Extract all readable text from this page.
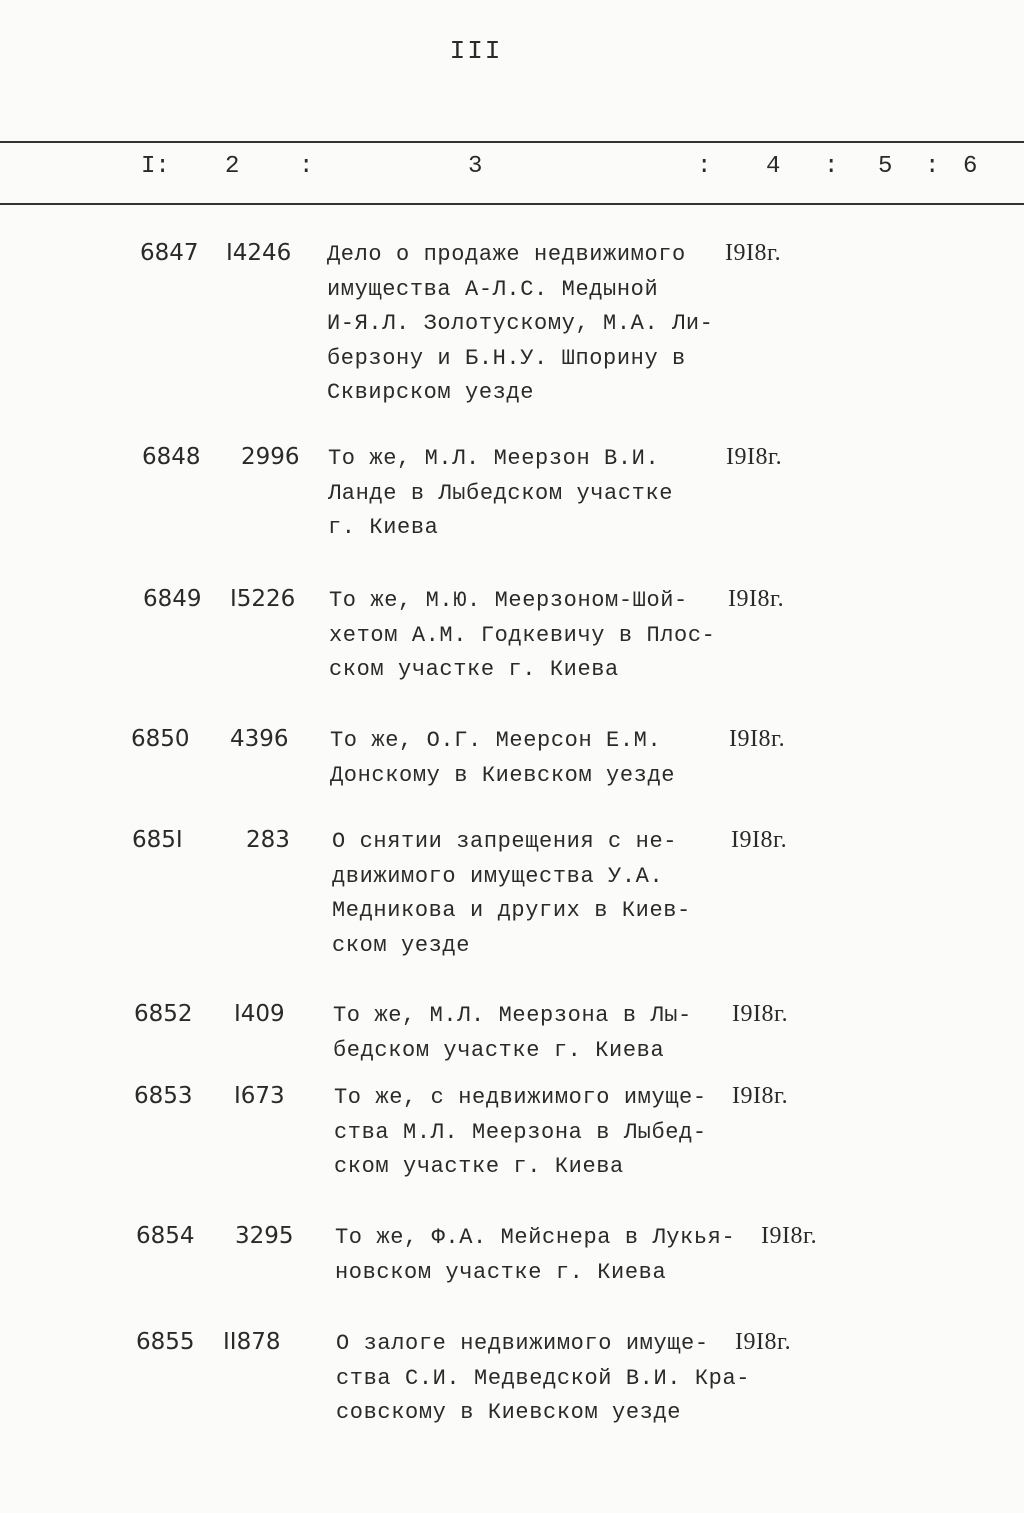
III
I: 2 :	3	: 4 : 5 : 6
6847 I4246 Дело о продаже недвижимого
имущества А-Л.С. Медыной
И-Я.Л. Золотускому, М.А. Ли-
берзону и Б.Н.У. Шпорину в
Сквирском уезде
I9I8г.
6848 2996 То же, М.Л. Меерзон В.И.
Ланде в Лыбедском участке
г. Киева
I9I8г.
6849 I5226 То же, М.Ю. Меерзоном-Шой-
хетом А.М. Годкевичу в Плос-
ском участке г. Киева
I9I8г.
6850 4396 То же, О.Г. Меерсон Е.М.
Донскому в Киевском уезде
I9I8г.
685I	283 О снятии запрещения с не-
движимого имущества У.А.
Медникова и других в Киев-
ском уезде
I9I8г.
6852 I409 То же, М.Л. Меерзона в Лы-
бедском участке г. Киева
I9I8г.
6853 I673 То же, с недвижимого имуще-
ства М.Л. Меерзона в Лыбед-
ском участке г. Киева
I9I8г.
6854 3295 То же, Ф.А. Мейснера в Лукья-
новском участке г. Киева
I9I8г.
6855 II878	О залоге недвижимого имуще-
ства С.И. Медведской В.И. Кра-
совскому в Киевском уезде
I9I8г.
